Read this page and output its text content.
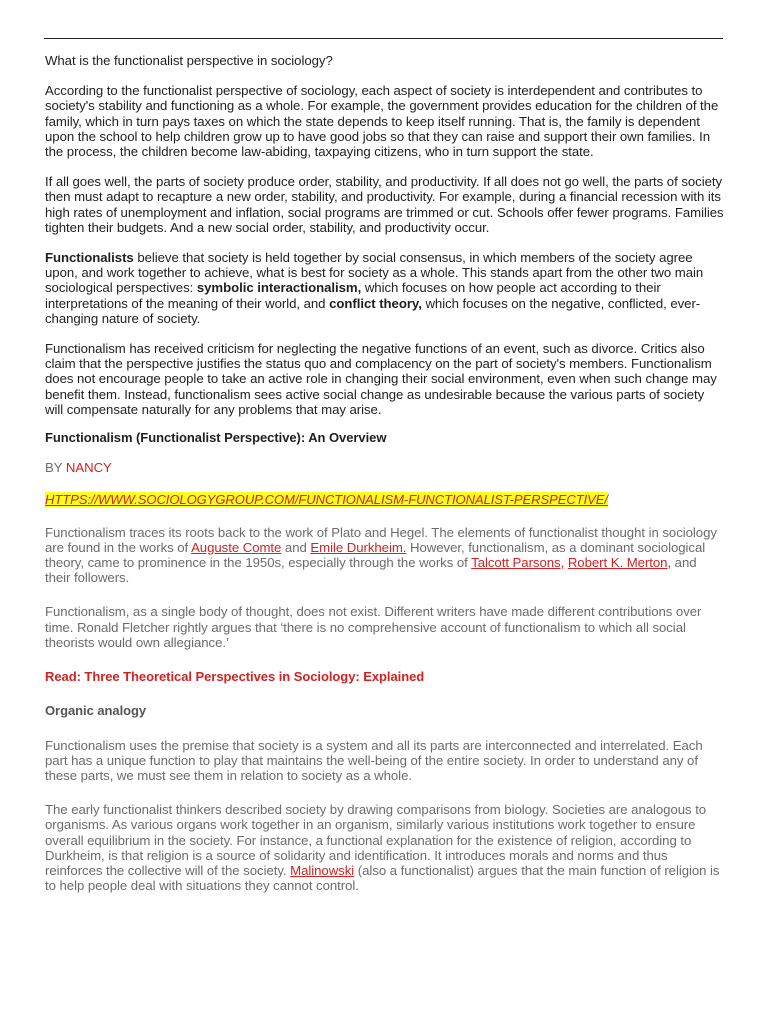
What is the functionalist perspective in sociology?

According to the functionalist perspective of sociology, each aspect of society is interdependent and contributes to society's stability and functioning as a whole. For example, the government provides education for the children of the family, which in turn pays taxes on which the state depends to keep itself running. That is, the family is dependent upon the school to help children grow up to have good jobs so that they can raise and support their own families. In the process, the children become law-abiding, taxpaying citizens, who in turn support the state.

If all goes well, the parts of society produce order, stability, and productivity. If all does not go well, the parts of society then must adapt to recapture a new order, stability, and productivity. For example, during a financial recession with its high rates of unemployment and inflation, social programs are trimmed or cut. Schools offer fewer programs. Families tighten their budgets. And a new social order, stability, and productivity occur.

Functionalists believe that society is held together by social consensus, in which members of the society agree upon, and work together to achieve, what is best for society as a whole. This stands apart from the other two main sociological perspectives: symbolic interactionalism, which focuses on how people act according to their interpretations of the meaning of their world, and conflict theory, which focuses on the negative, conflicted, ever-changing nature of society.

Functionalism has received criticism for neglecting the negative functions of an event, such as divorce. Critics also claim that the perspective justifies the status quo and complacency on the part of society's members. Functionalism does not encourage people to take an active role in changing their social environment, even when such change may benefit them. Instead, functionalism sees active social change as undesirable because the various parts of society will compensate naturally for any problems that may arise.

Functionalism (Functionalist Perspective): An Overview

BY NANCY

HTTPS://WWW.SOCIOLOGYGROUP.COM/FUNCTIONALISM-FUNCTIONALIST-PERSPECTIVE/

Functionalism traces its roots back to the work of Plato and Hegel. The elements of functionalist thought in sociology are found in the works of Auguste Comte and Emile Durkheim. However, functionalism, as a dominant sociological theory, came to prominence in the 1950s, especially through the works of Talcott Parsons, Robert K. Merton, and their followers.

Functionalism, as a single body of thought, does not exist. Different writers have made different contributions over time. Ronald Fletcher rightly argues that ‘there is no comprehensive account of functionalism to which all social theorists would own allegiance.’

Read: Three Theoretical Perspectives in Sociology: Explained

Organic analogy

Functionalism uses the premise that society is a system and all its parts are interconnected and interrelated. Each part has a unique function to play that maintains the well-being of the entire society. In order to understand any of these parts, we must see them in relation to society as a whole.

The early functionalist thinkers described society by drawing comparisons from biology. Societies are analogous to organisms. As various organs work together in an organism, similarly various institutions work together to ensure overall equilibrium in the society. For instance, a functional explanation for the existence of religion, according to Durkheim, is that religion is a source of solidarity and identification. It introduces morals and norms and thus reinforces the collective will of the society. Malinowski (also a functionalist) argues that the main function of religion is to help people deal with situations they cannot control.
